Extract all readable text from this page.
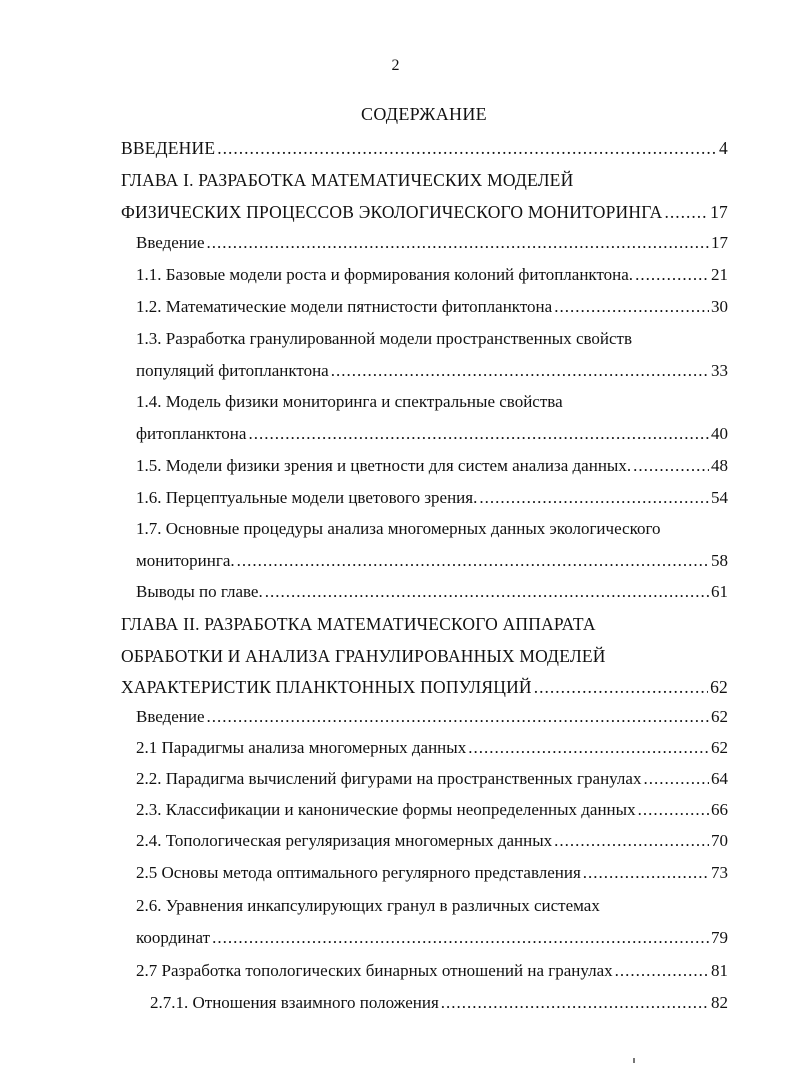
2
СОДЕРЖАНИЕ
ВВЕДЕНИЕ .....	4
ГЛАВА I. РАЗРАБОТКА МАТЕМАТИЧЕСКИХ МОДЕЛЕЙ
ФИЗИЧЕСКИХ ПРОЦЕССОВ ЭКОЛОГИЧЕСКОГО МОНИТОРИНГА .....	17
Введение .....	17
1.1. Базовые модели роста и формирования колоний фитопланктона. .....	21
1.2. Математические модели пятнистости фитопланктона .....	30
1.3. Разработка гранулированной модели пространственных свойств
популяций фитопланктона .....	33
1.4. Модель физики мониторинга и спектральные свойства
фитопланктона .....	40
1.5. Модели физики зрения и цветности для систем анализа данных. .....	48
1.6. Перцептуальные модели цветового зрения. .....	54
1.7. Основные процедуры анализа многомерных данных экологического
мониторинга. .....	58
Выводы по главе. .....	61
ГЛАВА II. РАЗРАБОТКА МАТЕМАТИЧЕСКОГО АППАРАТА
ОБРАБОТКИ И АНАЛИЗА ГРАНУЛИРОВАННЫХ МОДЕЛЕЙ
ХАРАКТЕРИСТИК ПЛАНКТОННЫХ ПОПУЛЯЦИЙ .....	62
Введение .....	62
2.1 Парадигмы анализа многомерных данных .....	62
2.2. Парадигма вычислений фигурами на пространственных гранулах .....	64
2.3. Классификации и канонические формы неопределенных данных .....	66
2.4. Топологическая регуляризация многомерных данных .....	70
2.5 Основы метода оптимального регулярного представления .....	73
2.6. Уравнения инкапсулирующих гранул в различных системах
координат .....	79
2.7 Разработка топологических бинарных отношений на гранулах .....	81
2.7.1. Отношения взаимного положения .....	82
